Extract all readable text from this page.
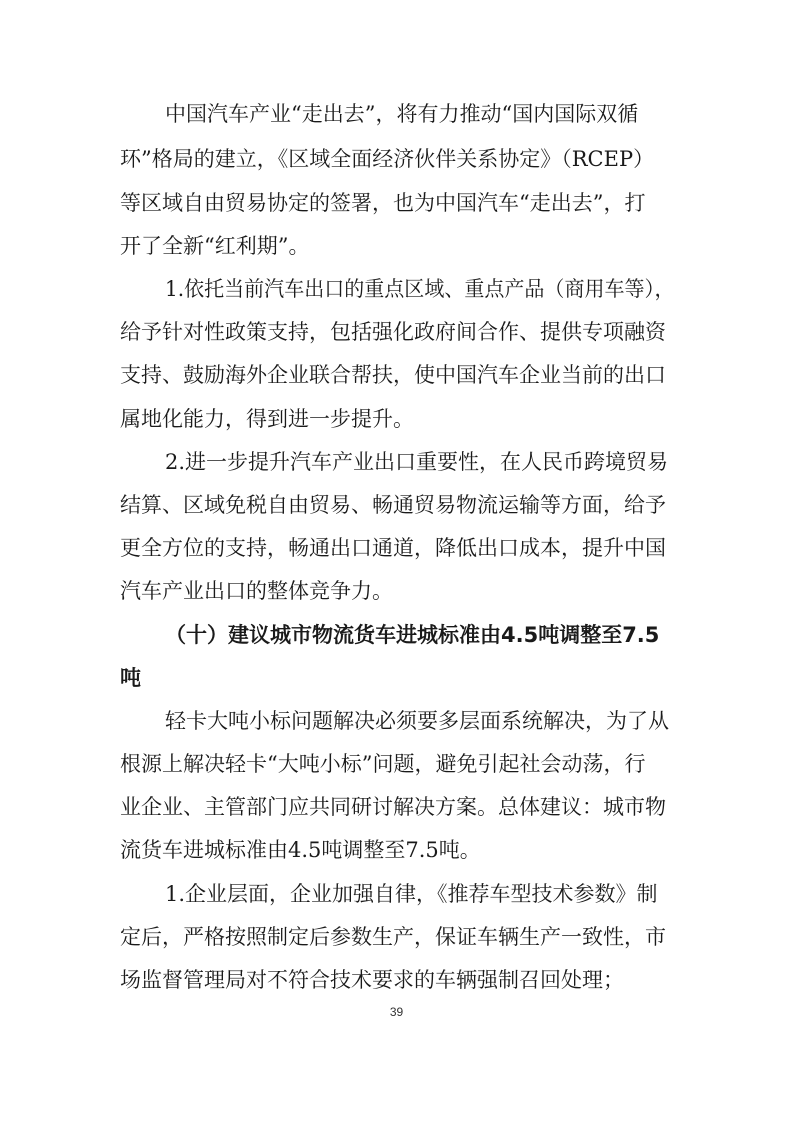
中国汽车产业“走出去”，将有力推动“国内国际双循
环”格局的建立，《区域全面经济伙伴关系协定》（RCEP）
等区域自由贸易协定的签署，也为中国汽车“走出去”，打
开了全新“红利期”。
1.依托当前汽车出口的重点区域、重点产品（商用车等），
给予针对性政策支持，包括强化政府间合作、提供专项融资
支持、鼓励海外企业联合帮扶，使中国汽车企业当前的出口
属地化能力，得到进一步提升。
2.进一步提升汽车产业出口重要性，在人民币跨境贸易
结算、区域免税自由贸易、畅通贸易物流运输等方面，给予
更全方位的支持，畅通出口通道，降低出口成本，提升中国
汽车产业出口的整体竞争力。
（十）建议城市物流货车进城标准由4.5吨调整至7.5
吨
轻卡大吨小标问题解决必须要多层面系统解决，为了从
根源上解决轻卡“大吨小标”问题，避免引起社会动荡，行
业企业、主管部门应共同研讨解决方案。总体建议：城市物
流货车进城标准由4.5吨调整至7.5吨。
1.企业层面，企业加强自律，《推荐车型技术参数》制
定后，严格按照制定后参数生产，保证车辆生产一致性，市
场监督管理局对不符合技术要求的车辆强制召回处理；
39
